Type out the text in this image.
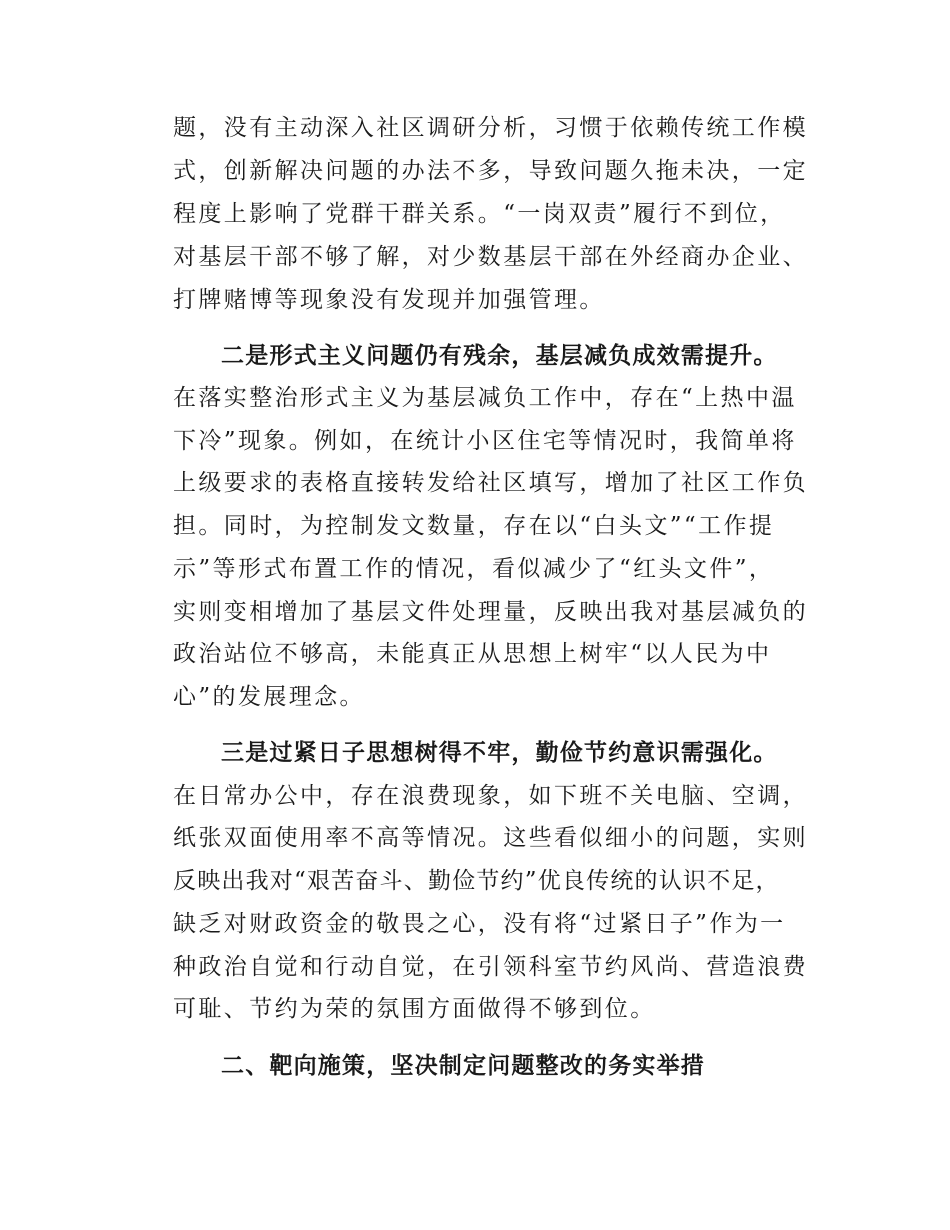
题，没有主动深入社区调研分析，习惯于依赖传统工作模
式，创新解决问题的办法不多，导致问题久拖未决，一定
程度上影响了党群干群关系。“一岗双责”履行不到位，
对基层干部不够了解，对少数基层干部在外经商办企业、
打牌赌博等现象没有发现并加强管理。
二是形式主义问题仍有残余，基层减负成效需提升。
在落实整治形式主义为基层减负工作中，存在“上热中温
下冷”现象。例如，在统计小区住宅等情况时，我简单将
上级要求的表格直接转发给社区填写，增加了社区工作负
担。同时，为控制发文数量，存在以“白头文”“工作提
示”等形式布置工作的情况，看似减少了“红头文件”，
实则变相增加了基层文件处理量，反映出我对基层减负的
政治站位不够高，未能真正从思想上树牢“以人民为中
心”的发展理念。
三是过紧日子思想树得不牢，勤俭节约意识需强化。
在日常办公中，存在浪费现象，如下班不关电脑、空调，
纸张双面使用率不高等情况。这些看似细小的问题，实则
反映出我对“艰苦奋斗、勤俭节约”优良传统的认识不足，
缺乏对财政资金的敬畏之心，没有将“过紧日子”作为一
种政治自觉和行动自觉，在引领科室节约风尚、营造浪费
可耻、节约为荣的氛围方面做得不够到位。
二、靶向施策，坚决制定问题整改的务实举措
